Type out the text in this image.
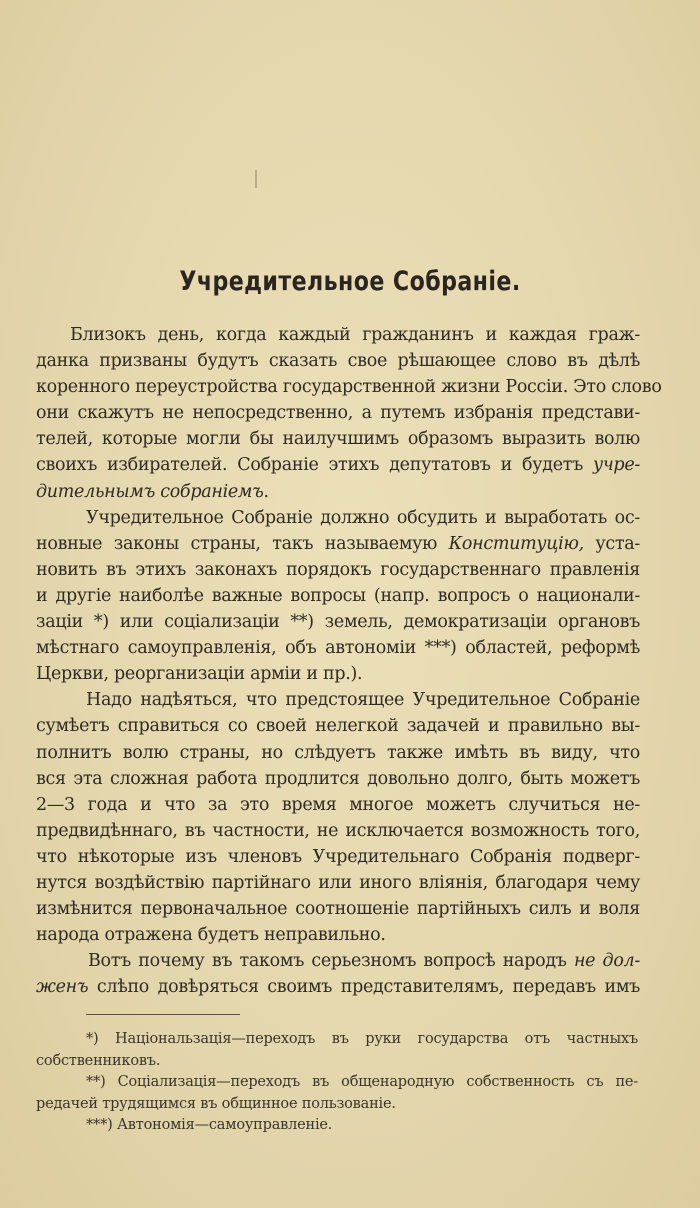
Учредительное Собраніе.
Близокъ день, когда каждый гражданинъ и каждая граж-
данка призваны будутъ сказать свое рѣшающее слово въ дѣлѣ
коренного переустройства государственной жизни Россіи. Это слово
они скажутъ не непосредственно, а путемъ избранія представи-
телей, которые могли бы наилучшимъ образомъ выразить волю
своихъ избирателей. Собраніе этихъ депутатовъ и будетъ учре-
дительнымъ собраніемъ.
Учредительное Собраніе должно обсудить и выработать ос-
новные законы страны, такъ называемую Конституцію, уста-
новить въ этихъ законахъ порядокъ государственнаго правленія
и другіе наиболѣе важные вопросы (напр. вопросъ о национали-
заціи *) или соціализаціи **) земель, демократизаціи органовъ
мѣстнаго самоуправленія, объ автономіи ***) областей, реформѣ
Церкви, реорганизаціи арміи и пр.).
Надо надѣяться, что предстоящее Учредительное Собраніе
сумѣетъ справиться со своей нелегкой задачей и правильно вы-
полнитъ волю страны, но слѣдуетъ также имѣть въ виду, что
вся эта сложная работа продлится довольно долго, быть можетъ
2—3 года и что за это время многое можетъ случиться не-
предвидѣннаго, въ частности, не исключается возможность того,
что нѣкоторые изъ членовъ Учредительнаго Собранія подверг-
нутся воздѣйствію партійнаго или иного вліянія, благодаря чему
измѣнится первоначальное соотношеніе партійныхъ силъ и воля
народа отражена будетъ неправильно.
Вотъ почему въ такомъ серьезномъ вопросѣ народъ не дол-
женъ слѣпо довѣряться своимъ представителямъ, передавъ имъ
*) Національзація—переходъ въ руки государства отъ частныхъ
собственниковъ.
**) Соціализація—переходъ въ общенародную собственность съ пе-
редачей трудящимся въ общинное пользованіе.
***) Автономія—самоуправленіе.
